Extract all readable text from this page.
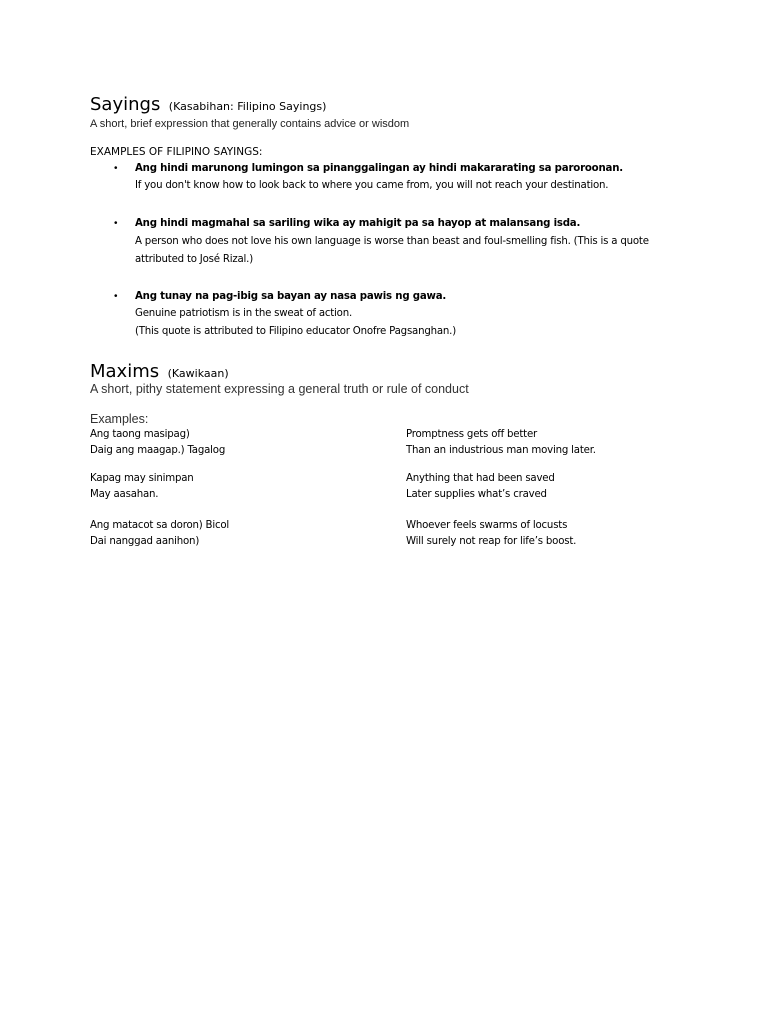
Sayings (Kasabihan: Filipino Sayings)
A short, brief expression that generally contains advice or wisdom
EXAMPLES OF FILIPINO SAYINGS:
• Ang hindi marunong lumingon sa pinanggalingan ay hindi makararating sa paroroonan.
If you don't know how to look back to where you came from, you will not reach your destination.
• Ang hindi magmahal sa sariling wika ay mahigit pa sa hayop at malansang isda.
A person who does not love his own language is worse than beast and foul-smelling fish. (This is a quote
attributed to José Rizal.)
• Ang tunay na pag-ibig sa bayan ay nasa pawis ng gawa.
Genuine patriotism is in the sweat of action.
(This quote is attributed to Filipino educator Onofre Pagsanghan.)
Maxims (Kawikaan)
A short, pithy statement expressing a general truth or rule of conduct
Examples:
Ang taong masipag)
Daig ang maagap.) Tagalog
Promptness gets off better
Than an industrious man moving later.
Kapag may sinimpan
May aasahan.
Anything that had been saved
Later supplies what’s craved
Ang matacot sa doron) Bicol
Dai nanggad aanihon)
Whoever feels swarms of locusts
Will surely not reap for life’s boost.
